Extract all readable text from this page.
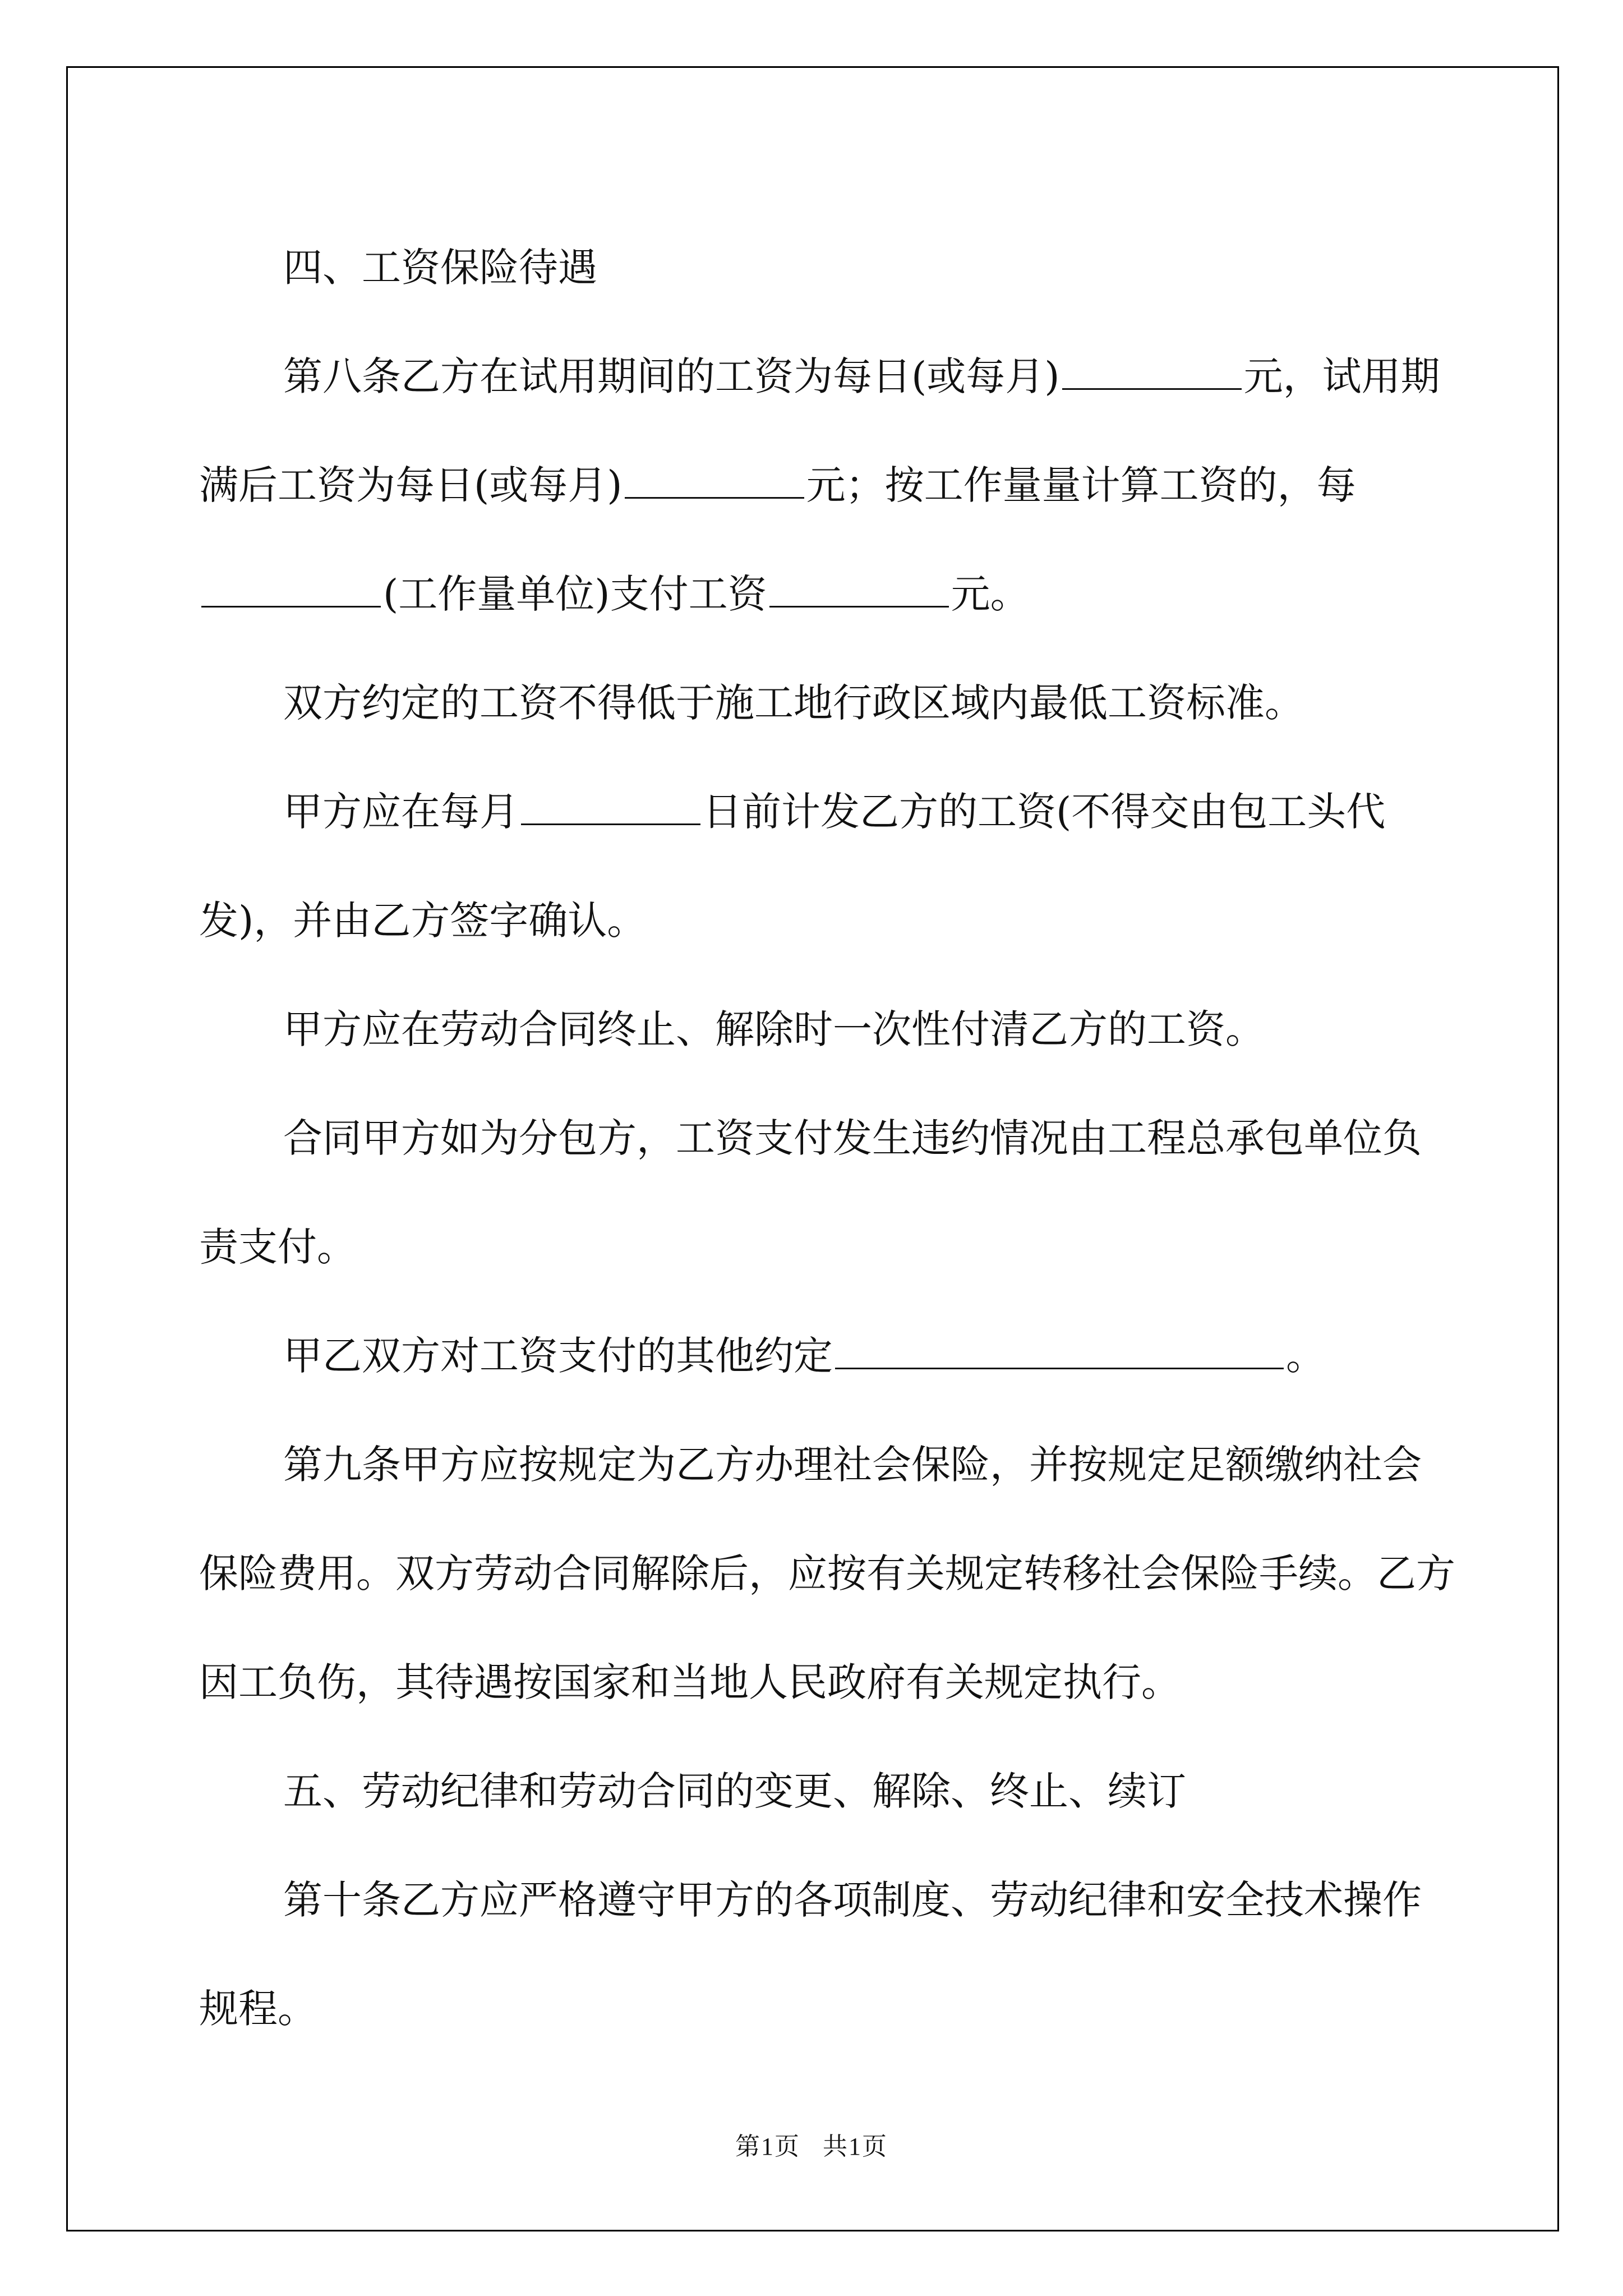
四、工资保险待遇

第八条乙方在试用期间的工资为每日(或每月)	元，试用期满后工资为每日(或每月)	元；按工作量量计算工资的，每(工作量单位)支付工资	元。

双方约定的工资不得低于施工地行政区域内最低工资标准。

甲方应在每月	日前计发乙方的工资(不得交由包工头代发)，并由乙方签字确认。

甲方应在劳动合同终止、解除时一次性付清乙方的工资。

合同甲方如为分包方，工资支付发生违约情况由工程总承包单位负责支付。

甲乙双方对工资支付的其他约定	。

第九条甲方应按规定为乙方办理社会保险，并按规定足额缴纳社会保险费用。双方劳动合同解除后，应按有关规定转移社会保险手续。乙方因工负伤，其待遇按国家和当地人民政府有关规定执行。

五、劳动纪律和劳动合同的变更、解除、终止、续订

第十条乙方应严格遵守甲方的各项制度、劳动纪律和安全技术操作规程。

第1页 共1页
